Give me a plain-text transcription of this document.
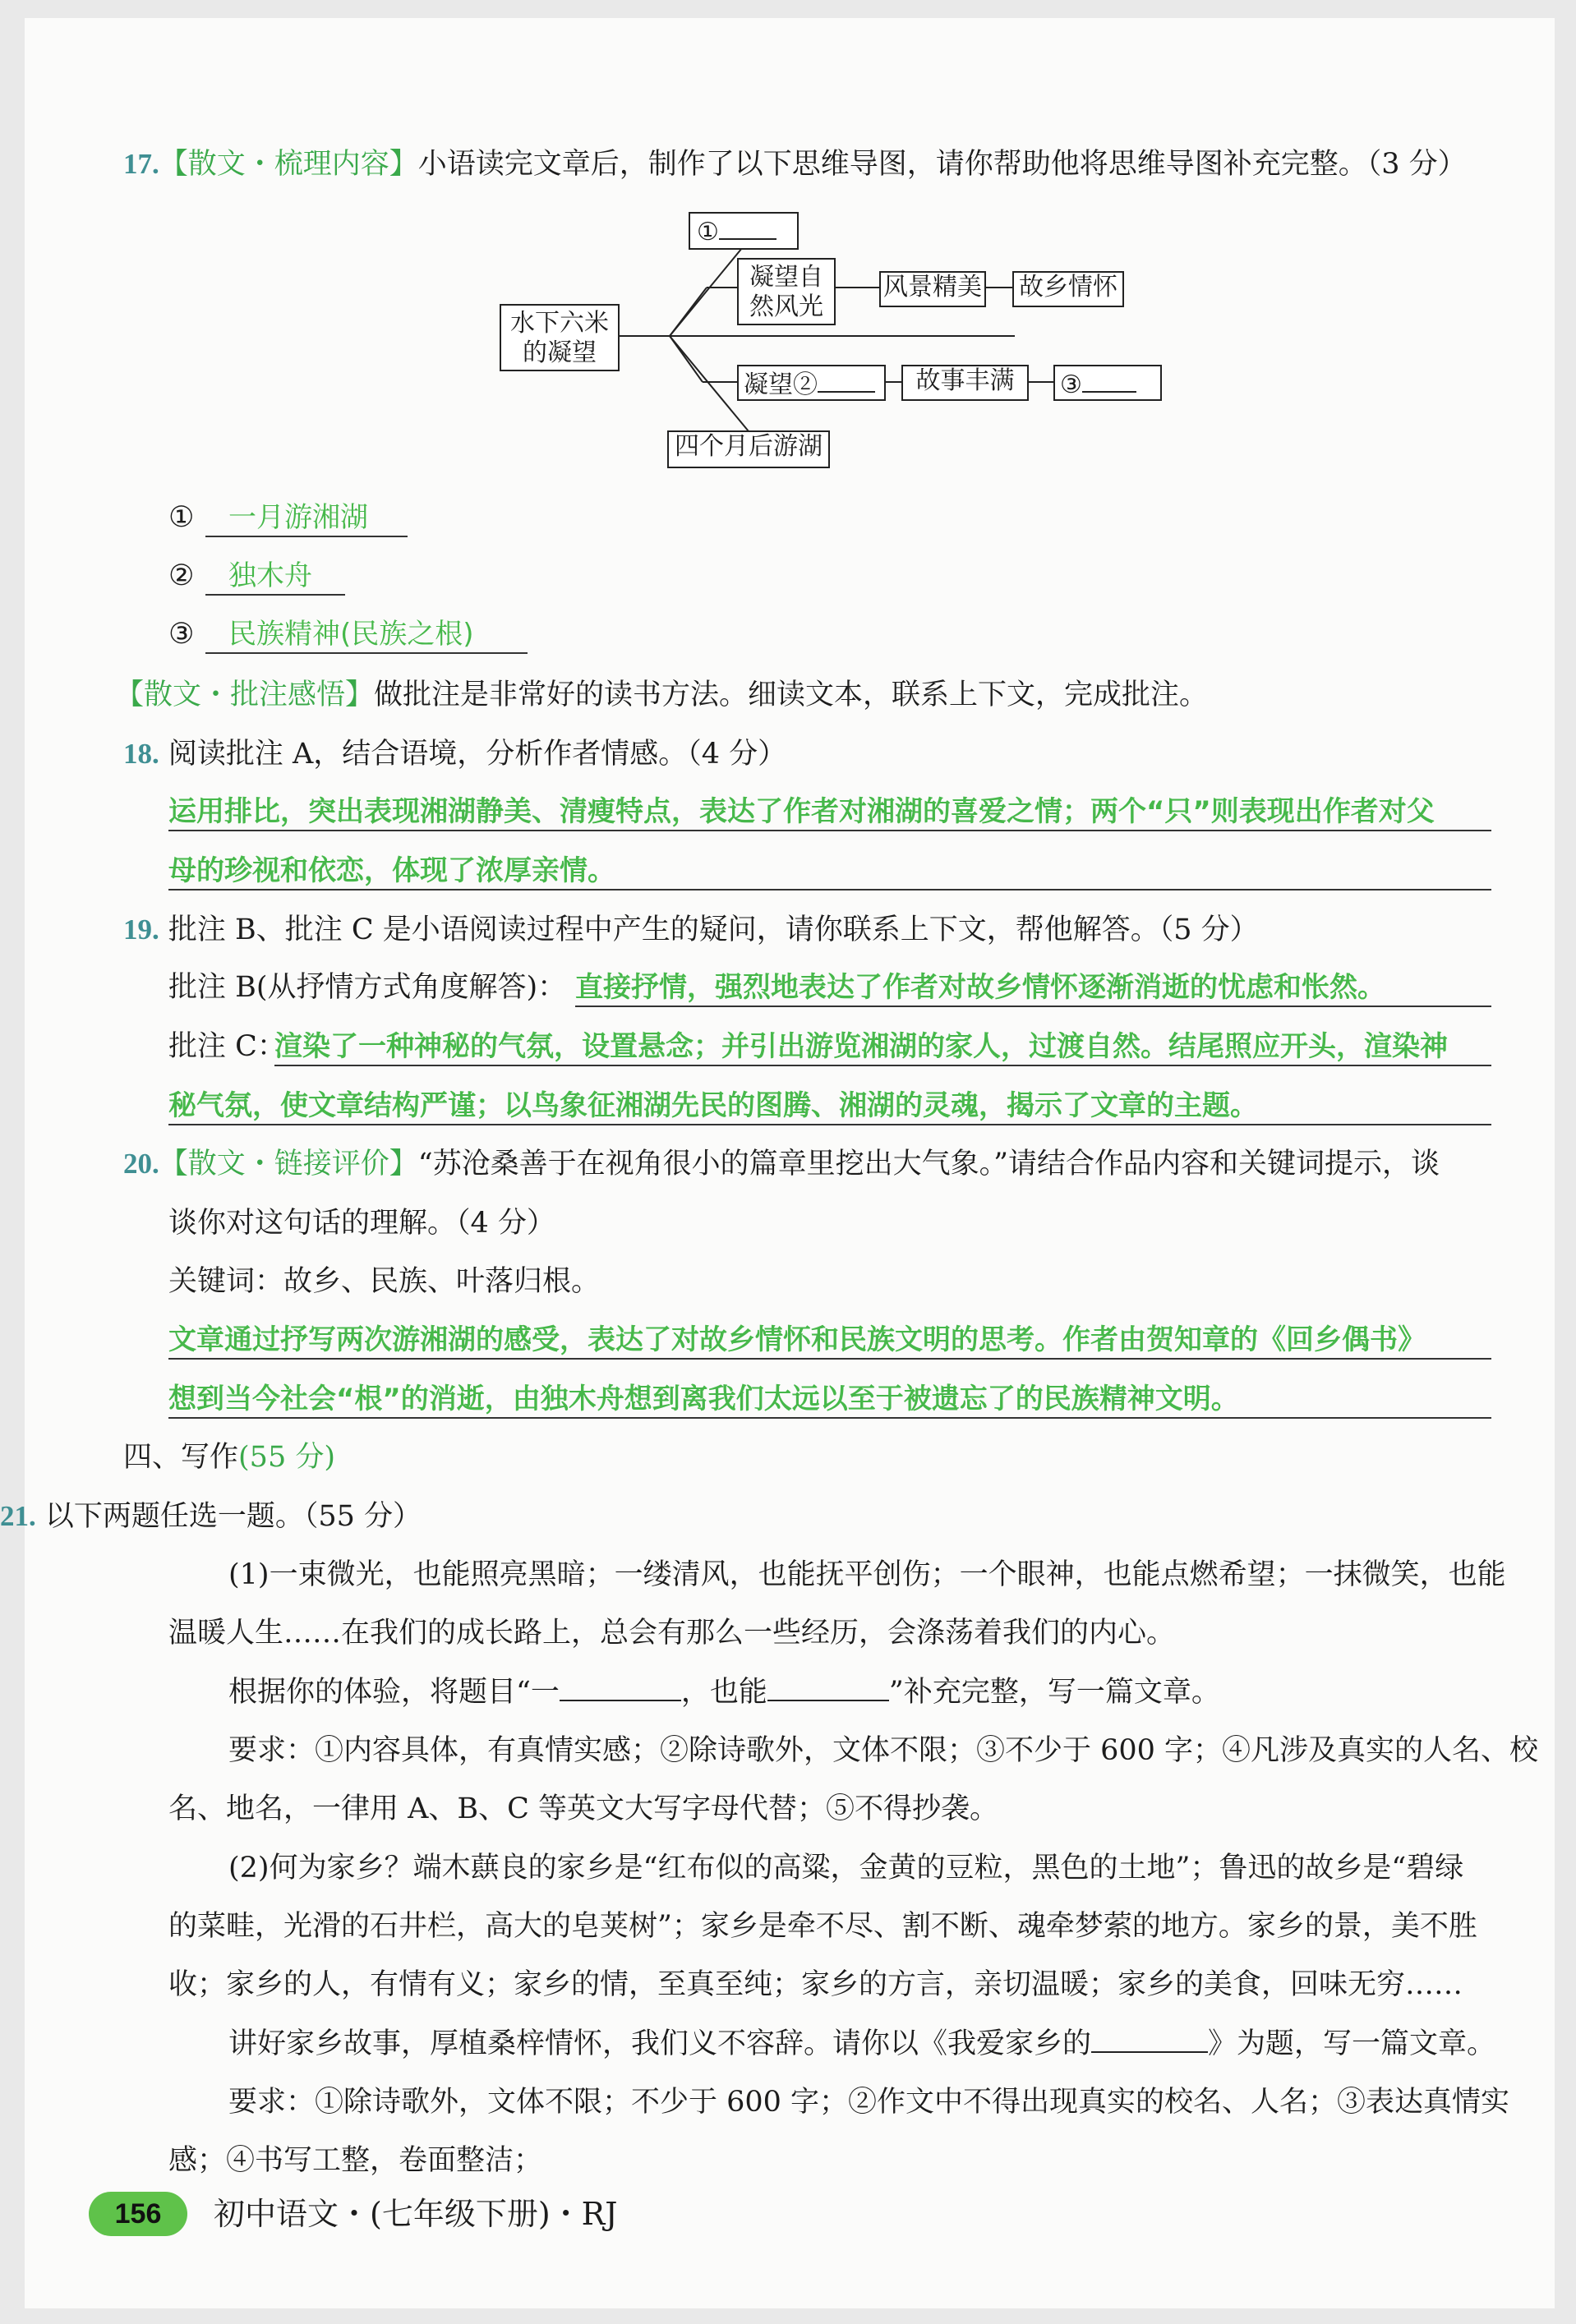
17.【散文・梳理内容】小语读完文章后，制作了以下思维导图，请你帮助他将思维导图补充完整。（3 分）
①
水下六米的凝望
凝望自然风光
风景精美 故乡情怀
凝望②	故事丰满	③
四个月后游湖
① 一月游湘湖
② 独木舟
③ 民族精神(民族之根)
【散文・批注感悟】做批注是非常好的读书方法。细读文本，联系上下文，完成批注。
18. 阅读批注 A，结合语境，分析作者情感。（4 分）
运用排比，突出表现湘湖静美、清瘦特点，表达了作者对湘湖的喜爱之情；两个“只”则表现出作者对父
母的珍视和依恋，体现了浓厚亲情。
19. 批注 B、批注 C 是小语阅读过程中产生的疑问，请你联系上下文，帮他解答。（5 分）
批注 B(从抒情方式角度解答)： 直接抒情，强烈地表达了作者对故乡情怀逐渐消逝的忧虑和怅然。
批注 C：
渲染了一种神秘的气氛，设置悬念；并引出游览湘湖的家人，过渡自然。结尾照应开头，渲染神
秘气氛，使文章结构严谨；以鸟象征湘湖先民的图腾、湘湖的灵魂，揭示了文章的主题。
20.【散文・链接评价】“苏沧桑善于在视角很小的篇章里挖出大气象。”请结合作品内容和关键词提示，谈
谈你对这句话的理解。（4 分）
关键词：故乡、民族、叶落归根。
文章通过抒写两次游湘湖的感受，表达了对故乡情怀和民族文明的思考。作者由贺知章的《回乡偶书》
想到当今社会“根”的消逝，由独木舟想到离我们太远以至于被遗忘了的民族精神文明。
四、写作(55 分)
21. 以下两题任选一题。（55 分）
(1)一束微光，也能照亮黑暗；一缕清风，也能抚平创伤；一个眼神，也能点燃希望；一抹微笑，也能
温暖人生……在我们的成长路上，总会有那么一些经历，会涤荡着我们的内心。
根据你的体验，将题目“一	，也能	”补充完整，写一篇文章。
要求：①内容具体，有真情实感；②除诗歌外，文体不限；③不少于 600 字；④凡涉及真实的人名、校
名、地名，一律用 A、B、C 等英文大写字母代替；⑤不得抄袭。
(2)何为家乡？端木蕻良的家乡是“红布似的高粱，金黄的豆粒，黑色的土地”；鲁迅的故乡是“碧绿
的菜畦，光滑的石井栏，高大的皂荚树”；家乡是牵不尽、割不断、魂牵梦萦的地方。家乡的景，美不胜
收；家乡的人，有情有义；家乡的情，至真至纯；家乡的方言，亲切温暖；家乡的美食，回味无穷……
讲好家乡故事，厚植桑梓情怀，我们义不容辞。请你以《我爱家乡的	》为题，写一篇文章。
要求：①除诗歌外，文体不限；不少于 600 字；②作文中不得出现真实的校名、人名；③表达真情实
感；④书写工整，卷面整洁；
156	初中语文・(七年级下册)・RJ
